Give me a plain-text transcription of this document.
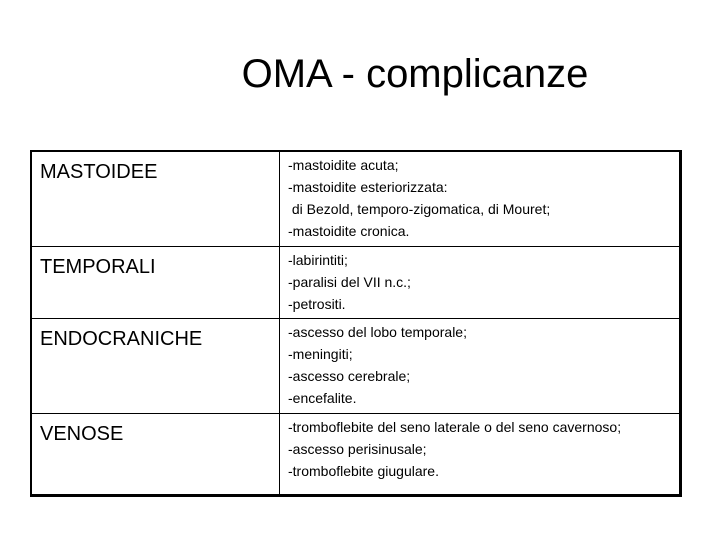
OMA - complicanze
MASTOIDEE	-mastoidite acuta;
-mastoidite esteriorizzata:
di Bezold, temporo-zigomatica, di Mouret;
-mastoidite cronica.
TEMPORALI	-labirintiti;
-paralisi del VII n.c.;
-petrositi.
ENDOCRANICHE	-ascesso del lobo temporale;
-meningiti;
-ascesso cerebrale;
-encefalite.
VENOSE	-tromboflebite del seno laterale o del seno cavernoso;
-ascesso perisinusale;
-tromboflebite giugulare.
